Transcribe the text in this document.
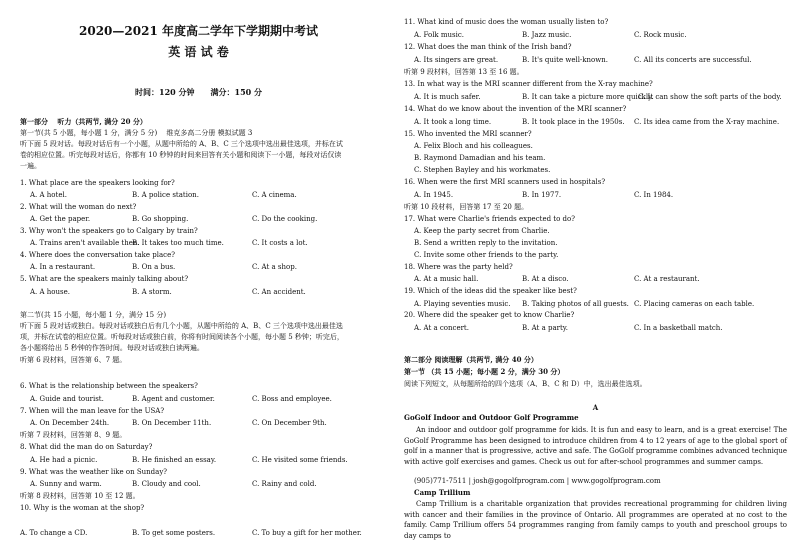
2020—2021 年度高二学年下学期期中考试
英 语 试 卷
时间：120 分钟　　满分：150 分
第一部分　 听力（共两节, 满分 20 分）
第一节(共 5 小题，每小题 1 分，满分 5 分)　 维克多高二分册 模拟试题 3
听下面 5 段对话。每段对话后有一个小题，从题中所给的 A、B、C 三个选项中选出最佳选项，并标在试
卷的相应位置。听完每段对话后，你都有 10 秒钟的时间来回答有关小题和阅读下一小题，每段对话仅读
一遍。
1. What place are the speakers looking for?
A. A hotel.	B. A police station.	C. A cinema.
2. What will the woman do next?
A. Get the paper.	B. Go shopping.	C. Do the cooking.
3. Why won't the speakers go to Calgary by train?
A. Trains aren't available then.
B. It takes too much time.	C. It costs a lot.
4. Where does the conversation take place?
A. In a restaurant.	B. On a bus.	C. At a shop.
5. What are the speakers mainly talking about?
A. A house.	B. A storm.	C. An accident.
第二节(共 15 小题，每小题 1 分，满分 15 分)
听下面 5 段对话或独白。每段对话或独白后有几个小题，从题中所给的 A、B、C 三个选项中选出最佳选
项，并标在试卷的相应位置。听每段对话或独白前，你将有时间阅读各个小题，每小题 5 秒钟；听完后，
各小题将给出 5 秒钟的作答时间。每段对话或独白读两遍。
听第 6 段材料，回答第 6、7 题。
6. What is the relationship between the speakers?
A. Guide and tourist.	B. Agent and customer.	C. Boss and employee.
7. When will the man leave for the USA?
A. On December 24th.	B. On December 11th.	C. On December 9th.
听第 7 段材料，回答第 8、9 题。
8. What did the man do on Saturday?
A. He had a picnic.	B. He finished an essay.	C. He visited some friends.
9. What was the weather like on Sunday?
A. Sunny and warm.	B. Cloudy and cool.	C. Rainy and cold.
听第 8 段材料，回答第 10 至 12 题。
10. Why is the woman at the shop?
A. To change a CD.	B. To get some posters.	C. To buy a gift for her mother.
11. What kind of music does the woman usually listen to?
A. Folk music.	B. Jazz music.	C. Rock music.
12. What does the man think of the Irish band?
A. Its singers are great.	B. It's quite well-known.	C. All its concerts are successful.
听第 9 段材料，回答第 13 至 16 题。
13. In what way is the MRI scanner different from the X-ray machine?
A. It is much safer.	B. It can take a picture more quickly.
C. It can show the soft parts of the body.
14. What do we know about the invention of the MRI scanner?
A. It took a long time.	B. It took place in the 1950s. C. Its idea came from the X-ray machine.
15. Who invented the MRI scanner?
A. Felix Bloch and his colleagues.
B. Raymond Damadian and his team.
C. Stephen Bayley and his workmates.
16. When were the first MRI scanners used in hospitals?
A. In 1945.	B. In 1977.	C. In 1984.
听第 10 段材料，回答第 17 至 20 题。
17. What were Charlie's friends expected to do?
A. Keep the party secret from Charlie.
B. Send a written reply to the invitation.
C. Invite some other friends to the party.
18. Where was the party held?
A. At a music hall.	B. At a disco.	C. At a restaurant.
19. Which of the ideas did the speaker like best?
A. Playing seventies music. B. Taking photos of all guests. C. Placing cameras on each table.
20. Where did the speaker get to know Charlie?
A. At a concert.	B. At a party.	C. In a basketball match.
第二部分 阅读理解（共两节, 满分 40 分）
第一节 （共 15 小题；每小题 2 分，满分 30 分）
阅读下列短文，从每题所给的四个选项（A、B、C 和 D）中，选出最佳选项。
A
GoGolf Indoor and Outdoor Golf Programme
An indoor and outdoor golf programme for kids. It is fun and easy to learn, and is a great exercise! The GoGolf Programme has been designed to introduce children from 4 to 12 years of age to the global sport of golf in a manner that is progressive, active and safe. The GoGolf programme combines advanced technique with active golf exercises and games. Check us out for after-school programmes and summer camps.
(905)771-7511 | josh@gogolfprogram.com | www.gogolfprogram.com
Camp Trillium
Camp Trillium is a charitable organization that provides recreational programming for children living with cancer and their families in the province of Ontario. All programmes are operated at no cost to the family. Camp Trillium offers 54 programmes ranging from family camps to youth and preschool groups to day camps to
